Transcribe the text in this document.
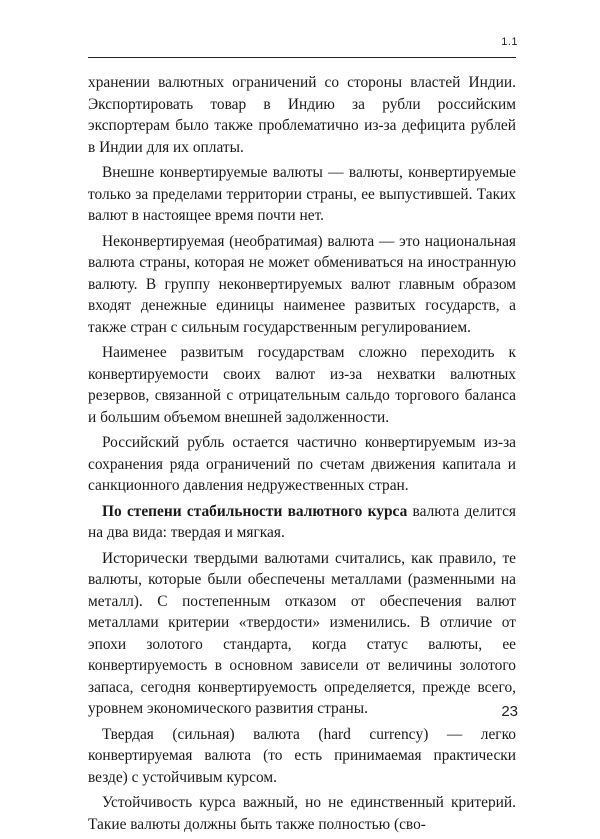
1.1

хранении валютных ограничений со стороны властей Индии. Экспортировать товар в Индию за рубли российским экспортерам было также проблематично из-за дефицита рублей в Индии для их оплаты.

Внешне конвертируемые валюты — валюты, конвертируемые только за пределами территории страны, ее выпустившей. Таких валют в настоящее время почти нет.

Неконвертируемая (необратимая) валюта — это национальная валюта страны, которая не может обмениваться на иностранную валюту. В группу неконвертируемых валют главным образом входят денежные единицы наименее развитых государств, а также стран с сильным государственным регулированием.

Наименее развитым государствам сложно переходить к конвертируемости своих валют из-за нехватки валютных резервов, связанной с отрицательным сальдо торгового баланса и большим объемом внешней задолженности.

Российский рубль остается частично конвертируемым из-за сохранения ряда ограничений по счетам движения капитала и санкционного давления недружественных стран.

По степени стабильности валютного курса валюта делится на два вида: твердая и мягкая.

Исторически твердыми валютами считались, как правило, те валюты, которые были обеспечены металлами (разменными на металл). С постепенным отказом от обеспечения валют металлами критерии «твердости» изменились. В отличие от эпохи золотого стандарта, когда статус валюты, ее конвертируемость в основном зависели от величины золотого запаса, сегодня конвертируемость определяется, прежде всего, уровнем экономического развития страны.

Твердая (сильная) валюта (hard currency) — легко конвертируемая валюта (то есть принимаемая практически везде) с устойчивым курсом.

Устойчивость курса важный, но не единственный критерий. Такие валюты должны быть также полностью (сво-

23
